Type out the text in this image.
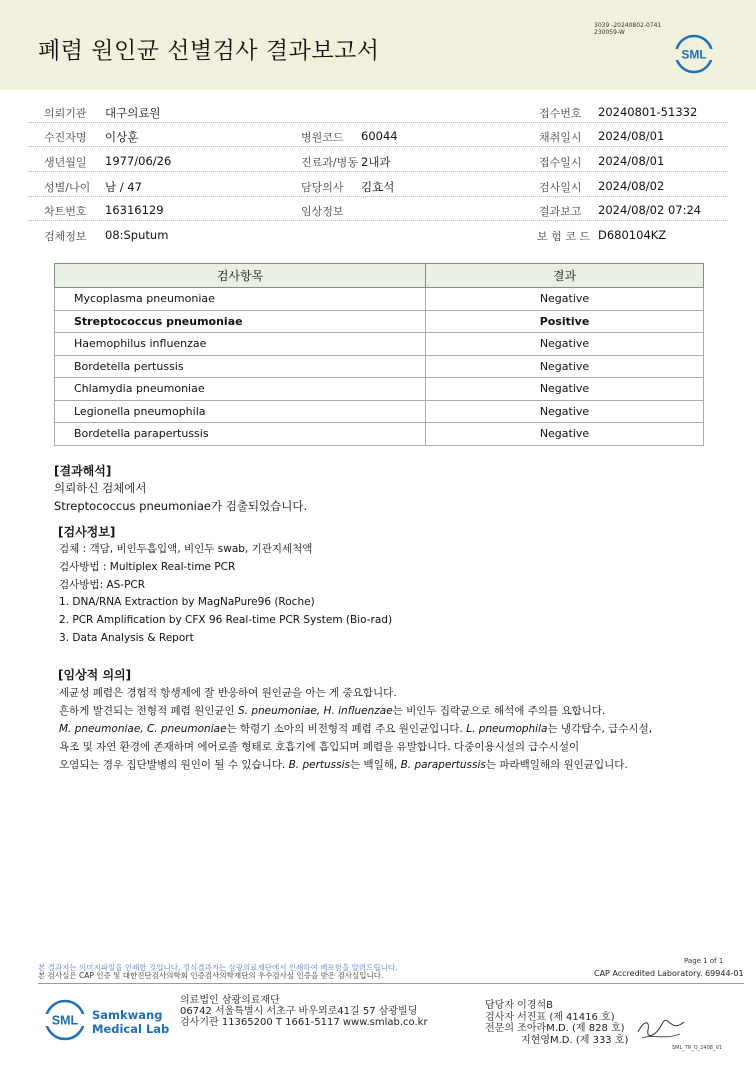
폐렴 원인균 선별검사 결과보고서
3039 -20240802-0741
230059-W
SML
의뢰기관 대구의료원	접수번호 20240801-51332
수진자명 이상훈	병원코드 60044	채취일시 2024/08/01
생년월일 1977/06/26	진료과/병동 2내과	접수일시 2024/08/01
성별/나이 남 / 47	담당의사 김효석	검사일시 2024/08/02
차트번호 16316129	임상정보	결과보고 2024/08/02 07:24
검체정보 08:Sputum	보 험 코 드 D680104KZ
검사항목	결과
Mycoplasma pneumoniae	Negative
Streptococcus pneumoniae	Positive
Haemophilus influenzae	Negative
Bordetella pertussis	Negative
Chlamydia pneumoniae	Negative
Legionella pneumophila	Negative
Bordetella parapertussis	Negative
[결과해석]
의뢰하신 검체에서
Streptococcus pneumoniae가 검출되었습니다.
[검사정보]
검체 : 객담, 비인두흡입액, 비인두 swab, 기관지세척액
검사방법 : Multiplex Real-time PCR
검사방법: AS-PCR
1. DNA/RNA Extraction by MagNaPure96 (Roche)
2. PCR Amplification by CFX 96 Real-time PCR System (Bio-rad)
3. Data Analysis & Report
[임상적 의의]
세균성 폐렴은 경험적 항생제에 잘 반응하여 원인균을 아는 게 중요합니다.
흔하게 발견되는 전형적 폐렴 원인균인 S. pneumoniae, H. influenzae는 비인두 집락균으로 해석에 주의를 요합니다.
M. pneumoniae, C. pneumoniae는 학령기 소아의 비전형적 폐렴 주요 원인균입니다. L. pneumophila는 냉각탑수, 급수시설,
욕조 및 자연 환경에 존재하며 에어로졸 형태로 호흡기에 흡입되며 폐렴을 유발합니다. 다중이용시설의 급수시설이
오염되는 경우 집단발병의 원인이 될 수 있습니다. B. pertussis는 백일해, B. parapertussis는 파라백일해의 원인균입니다.
본 결과지는 이미지파일을 인쇄한 것입니다. 정식결과지는 삼광의료재단에서 인쇄하여 배포함을 알려드립니다.
본 검사실은 CAP 인증 및 대한진단검사의학회 인증검사의학재단의 우수검사실 인증을 받은 검사실입니다.
Page 1 of 1
CAP Accredited Laboratory. 69944-01
SML Samkwang
Medical Lab
의료법인 삼광의료재단
06742 서울특별시 서초구 바우뫼로41길 57 삼광빌딩
검사기관 11365200 T 1661-5117 www.smlab.co.kr
담당자 이경석B
검사자 서진표 (제 41416 호)
전문의 조아라M.D. (제 828 호)
지현영M.D. (제 333 호)
SML_TR_Q_2408_V1
